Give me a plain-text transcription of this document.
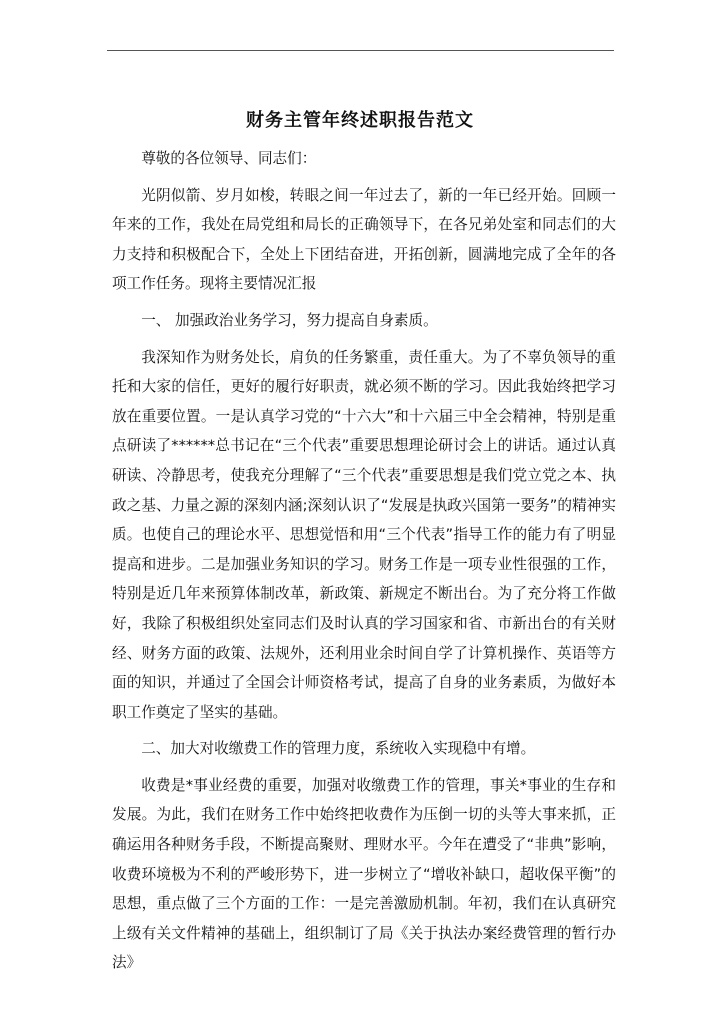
财务主管年终述职报告范文

尊敬的各位领导、同志们：

光阴似箭、岁月如梭，转眼之间一年过去了，新的一年已经开始。回顾一年来的工作，我处在局党组和局长的正确领导下，在各兄弟处室和同志们的大力支持和积极配合下，全处上下团结奋进，开拓创新，圆满地完成了全年的各项工作任务。现将主要情况汇报

一、 加强政治业务学习，努力提高自身素质。

我深知作为财务处长，肩负的任务繁重，责任重大。为了不辜负领导的重托和大家的信任，更好的履行好职责，就必须不断的学习。因此我始终把学习放在重要位置。一是认真学习党的“十六大”和十六届三中全会精神，特别是重点研读了******总书记在“三个代表”重要思想理论研讨会上的讲话。通过认真研读、冷静思考，使我充分理解了“三个代表”重要思想是我们党立党之本、执政之基、力量之源的深刻内涵;深刻认识了“发展是执政兴国第一要务”的精神实质。也使自己的理论水平、思想觉悟和用“三个代表”指导工作的能力有了明显提高和进步。二是加强业务知识的学习。财务工作是一项专业性很强的工作，特别是近几年来预算体制改革，新政策、新规定不断出台。为了充分将工作做好，我除了积极组织处室同志们及时认真的学习国家和省、市新出台的有关财经、财务方面的政策、法规外，还利用业余时间自学了计算机操作、英语等方面的知识，并通过了全国会计师资格考试，提高了自身的业务素质，为做好本职工作奠定了坚实的基础。

二、加大对收缴费工作的管理力度，系统收入实现稳中有增。

收费是*事业经费的重要，加强对收缴费工作的管理，事关*事业的生存和发展。为此，我们在财务工作中始终把收费作为压倒一切的头等大事来抓，正确运用各种财务手段，不断提高聚财、理财水平。今年在遭受了“非典”影响，收费环境极为不利的严峻形势下，进一步树立了“增收补缺口，超收保平衡”的思想，重点做了三个方面的工作：一是完善激励机制。年初，我们在认真研究上级有关文件精神的基础上，组织制订了局《关于执法办案经费管理的暂行办法》
